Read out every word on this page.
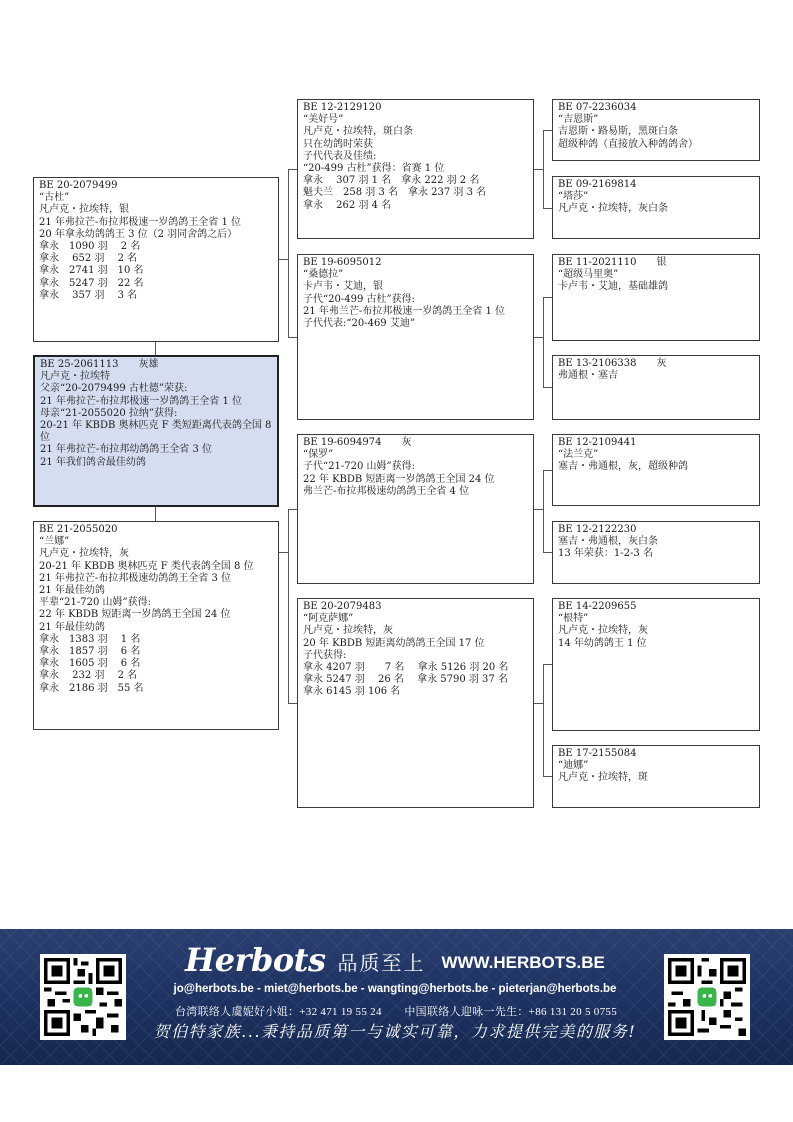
BE 25-2061113　　灰雄
凡卢克・拉埃特
父亲“20-2079499 古杜德”荣获:
21 年弗拉芒-布拉邦极速一岁鸽鸽王全省 1 位
母亲“21-2055020 拉纳”获得:
20-21 年 KBDB 奥林匹克 F 类短距离代表鸽全国 8 位
21 年弗拉芒-布拉邦幼鸽鸽王全省 3 位
21 年我们鸽舍最佳幼鸽
BE 20-2079499
“古杜”
凡卢克・拉埃特，银
21 年弗拉芒-布拉邦极速一岁鸽鸽王全省 1 位
20 年拿永幼鸽鸽王 3 位（2 羽同舍鸽之后）
拿永　1090 羽　 2 名
拿永　 652 羽　 2 名
拿永　2741 羽　10 名
拿永　5247 羽　22 名
拿永　 357 羽　 3 名
BE 21-2055020
“兰娜”
凡卢克・拉埃特，灰
20-21 年 KBDB 奥林匹克 F 类代表鸽全国 8 位
21 年弗拉芒-布拉邦极速幼鸽鸽王全省 3 位
21 年最佳幼鸽
平辈“21-720 山姆”获得:
22 年 KBDB 短距离一岁鸽鸽王全国 24 位
21 年最佳幼鸽
拿永　1383 羽　 1 名
拿永　1857 羽　 6 名
拿永　1605 羽　 6 名
拿永　 232 羽　 2 名
拿永　2186 羽　55 名
BE 12-2129120
“美好号”
凡卢克・拉埃特，斑白条
只在幼鸽时荣获
子代代表及佳绩:
“20-499 古杜”获得：省赛 1 位
拿永　 307 羽 1 名　拿永 222 羽 2 名
魁夫兰　258 羽 3 名　拿永 237 羽 3 名
拿永　 262 羽 4 名
BE 19-6095012
“桑德拉”
卡卢韦・艾迪，银
子代“20-499 古杜”获得:
21 年弗兰芒-布拉邦极速一岁鸽鸽王全省 1 位
子代代表:“20-469 艾迪”
BE 19-6094974　　灰
“保罗”
子代“21-720 山姆”获得:
22 年 KBDB 短距离一岁鸽鸽王全国 24 位
弗兰芒-布拉邦极速幼鸽鸽王全省 4 位
BE 20-2079483
“阿克萨娜”
凡卢克・拉埃特，灰
20 年 KBDB 短距离幼鸽鸽王全国 17 位
子代获得:
拿永 4207 羽　　7 名　 拿永 5126 羽 20 名
拿永 5247 羽　 26 名　 拿永 5790 羽 37 名
拿永 6145 羽 106 名
BE 07-2236034
“吉恩斯”
吉恩斯・路易斯，黑斑白条
超级种鸽（直接放入种鸽鸽舍）
BE 09-2169814
“塔莎”
凡卢克・拉埃特，灰白条
BE 11-2021110　　银
“超级马里奥”
卡卢韦・艾迪，基础雄鸽
BE 13-2106338　　灰
弗通根・塞吉
BE 12-2109441
“法兰克”
塞吉・弗通根，灰，超级种鸽
BE 12-2122230
塞吉・弗通根，灰白条
13 年荣获：1-2-3 名
BE 14-2209655
“根特”
凡卢克・拉埃特，灰
14 年幼鸽鸽王 1 位
BE 17-2155084
“迪娜”
凡卢克・拉埃特，斑
Herbots 品质至上 WWW.HERBOTS.BE
jo@herbots.be - miet@herbots.be - wangting@herbots.be - pieterjan@herbots.be
台湾联络人虞妮好小姐：+32 471 19 55 24　　中国联络人迎咏一先生：+86 131 20 5 0755
贺伯特家族...秉持品质第一与诚实可靠，力求提供完美的服务!
